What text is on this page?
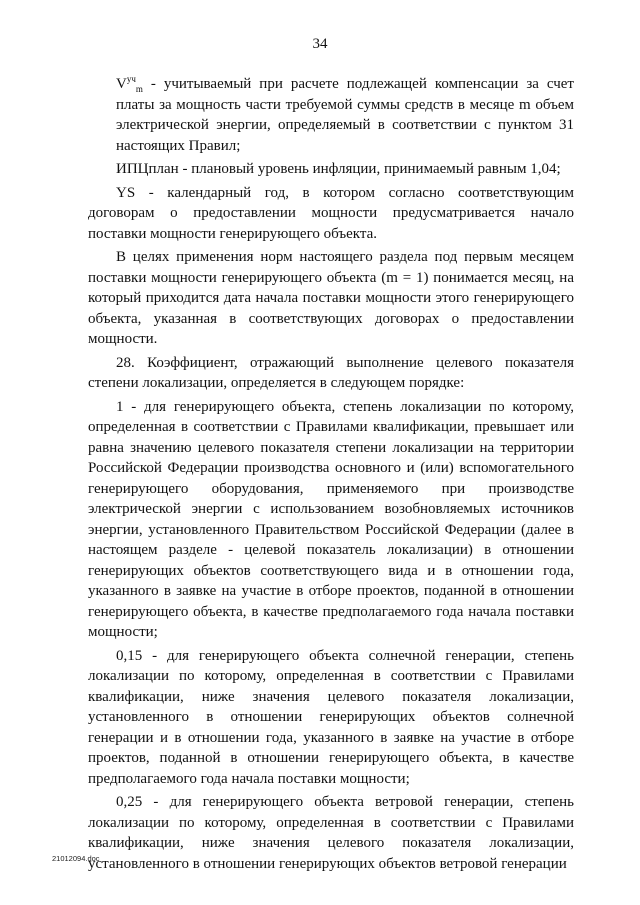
34

$V^{уч}_m$ - учитываемый при расчете подлежащей компенсации за счет платы за мощность части требуемой суммы средств в месяце m объем электрической энергии, определяемый в соответствии с пунктом 31 настоящих Правил;

ИПЦплан - плановый уровень инфляции, принимаемый равным 1,04;

YS - календарный год, в котором согласно соответствующим договорам о предоставлении мощности предусматривается начало поставки мощности генерирующего объекта.

В целях применения норм настоящего раздела под первым месяцем поставки мощности генерирующего объекта (m = 1) понимается месяц, на который приходится дата начала поставки мощности этого генерирующего объекта, указанная в соответствующих договорах о предоставлении мощности.

28. Коэффициент, отражающий выполнение целевого показателя степени локализации, определяется в следующем порядке:

1 - для генерирующего объекта, степень локализации по которому, определенная в соответствии с Правилами квалификации, превышает или равна значению целевого показателя степени локализации на территории Российской Федерации производства основного и (или) вспомогательного генерирующего оборудования, применяемого при производстве электрической энергии с использованием возобновляемых источников энергии, установленного Правительством Российской Федерации (далее в настоящем разделе - целевой показатель локализации) в отношении генерирующих объектов соответствующего вида и в отношении года, указанного в заявке на участие в отборе проектов, поданной в отношении генерирующего объекта, в качестве предполагаемого года начала поставки мощности;

0,15 - для генерирующего объекта солнечной генерации, степень локализации по которому, определенная в соответствии с Правилами квалификации, ниже значения целевого показателя локализации, установленного в отношении генерирующих объектов солнечной генерации и в отношении года, указанного в заявке на участие в отборе проектов, поданной в отношении генерирующего объекта, в качестве предполагаемого года начала поставки мощности;

0,25 - для генерирующего объекта ветровой генерации, степень локализации по которому, определенная в соответствии с Правилами квалификации, ниже значения целевого показателя локализации, установленного в отношении генерирующих объектов ветровой генерации

21012094.doc
